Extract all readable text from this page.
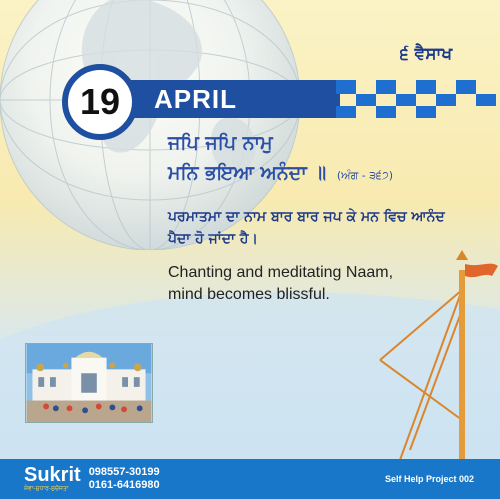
੬ ਵੈਸਾਖ
19 APRIL
ਜਪਿ ਜਪਿ ਨਾਮੁ
ਮਨਿ ਭਇਆ ਅਨੰਦਾ ॥ (ਅੰਗ - ੩੬੭)
ਪਰਮਾਤਮਾ ਦਾ ਨਾਮ ਬਾਰ ਬਾਰ ਜਪ ਕੇ ਮਨ ਵਿਚ ਆਨੰਦ ਪੈਦਾ ਹੋ ਜਾਂਦਾ ਹੈ।
Chanting and meditating Naam,
mind becomes blissful.
Sukrit
ਸੇਵਾ-ਸੁਧਾਰ-ਸੁਚੱਜਤਾ
098557-30199
0161-6416980	Self Help Project 002
